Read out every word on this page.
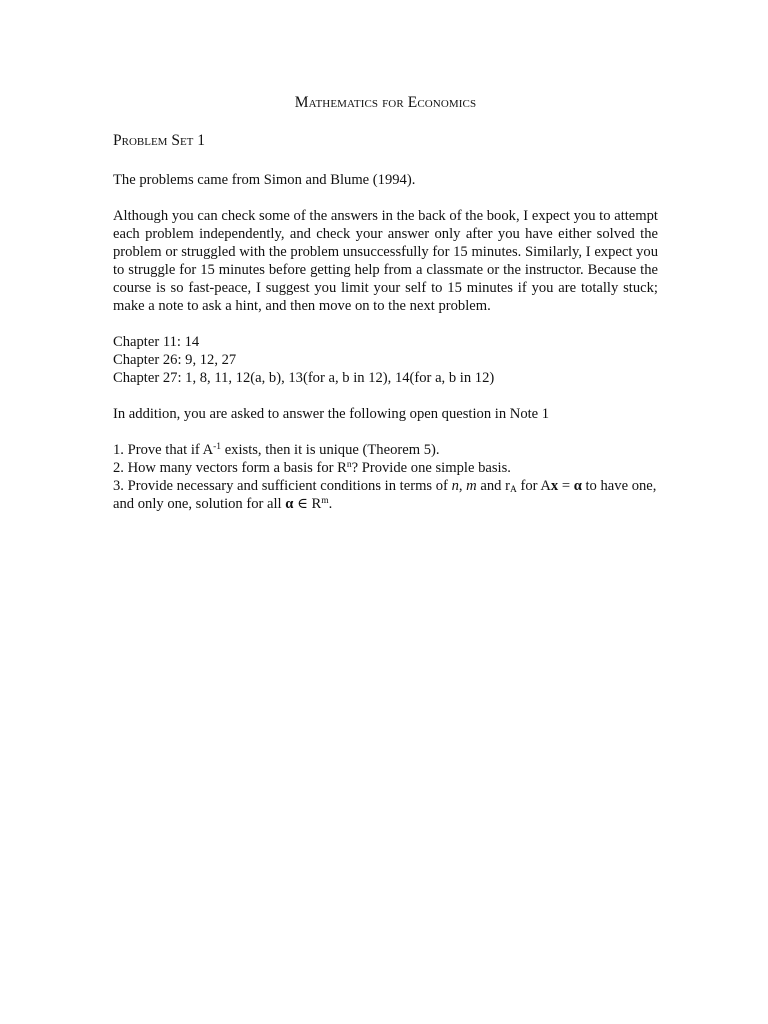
Mathematics for Economics
Problem Set 1

The problems came from Simon and Blume (1994).

Although you can check some of the answers in the back of the book, I expect you to attempt each problem independently, and check your answer only after you have either solved the problem or struggled with the problem unsuccessfully for 15 minutes. Similarly, I expect you to struggle for 15 minutes before getting help from a classmate or the instructor. Because the course is so fast-peace, I suggest you limit your self to 15 minutes if you are totally stuck; make a note to ask a hint, and then move on to the next problem.

Chapter 11: 14
Chapter 26: 9, 12, 27
Chapter 27: 1, 8, 11, 12(a, b), 13(for a, b in 12), 14(for a, b in 12)

In addition, you are asked to answer the following open question in Note 1

1. Prove that if $A^{-1}$ exists, then it is unique (Theorem 5).
2. How many vectors form a basis for $R^n$? Provide one simple basis.
3. Provide necessary and sufficient conditions in terms of n, m and $r_A$ for Ax = α to have one, and only one, solution for all α ∈ $R^m$.
